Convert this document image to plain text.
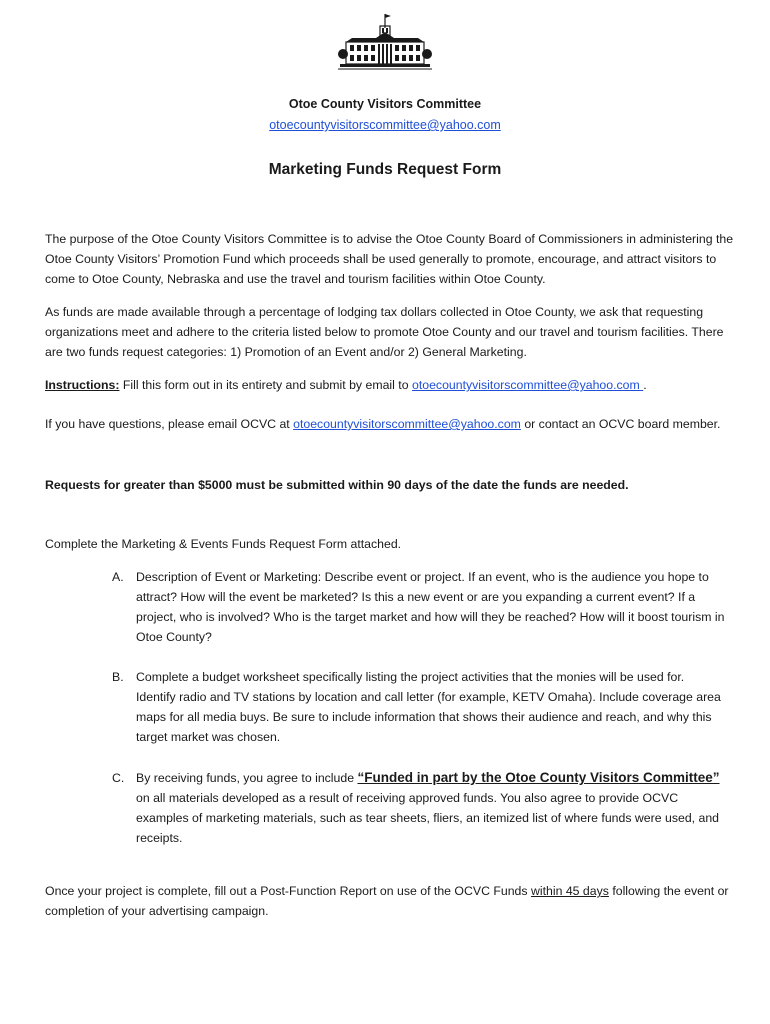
Otoe County Visitors Committee
otoecountyvisitorscommittee@yahoo.com
Marketing Funds Request Form
The purpose of the Otoe County Visitors Committee is to advise the Otoe County Board of Commissioners in administering the Otoe County Visitors’ Promotion Fund which proceeds shall be used generally to promote, encourage, and attract visitors to come to Otoe County, Nebraska and use the travel and tourism facilities within Otoe County.
As funds are made available through a percentage of lodging tax dollars collected in Otoe County, we ask that requesting organizations meet and adhere to the criteria listed below to promote Otoe County and our travel and tourism facilities. There are two funds request categories: 1) Promotion of an Event and/or 2) General Marketing.
Instructions: Fill this form out in its entirety and submit by email to otoecountyvisitorscommittee@yahoo.com .
If you have questions, please email OCVC at otoecountyvisitorscommittee@yahoo.com or contact an OCVC board member.
Requests for greater than $5000 must be submitted within 90 days of the date the funds are needed.
Complete the Marketing & Events Funds Request Form attached.
A. Description of Event or Marketing: Describe event or project. If an event, who is the audience you hope to attract? How will the event be marketed? Is this a new event or are you expanding a current event? If a project, who is involved? Who is the target market and how will they be reached? How will it boost tourism in Otoe County?
B. Complete a budget worksheet specifically listing the project activities that the monies will be used for. Identify radio and TV stations by location and call letter (for example, KETV Omaha). Include coverage area maps for all media buys. Be sure to include information that shows their audience and reach, and why this target market was chosen.
C. By receiving funds, you agree to include “Funded in part by the Otoe County Visitors Committee” on all materials developed as a result of receiving approved funds. You also agree to provide OCVC examples of marketing materials, such as tear sheets, fliers, an itemized list of where funds were used, and receipts.
Once your project is complete, fill out a Post-Function Report on use of the OCVC Funds within 45 days following the event or completion of your advertising campaign.
